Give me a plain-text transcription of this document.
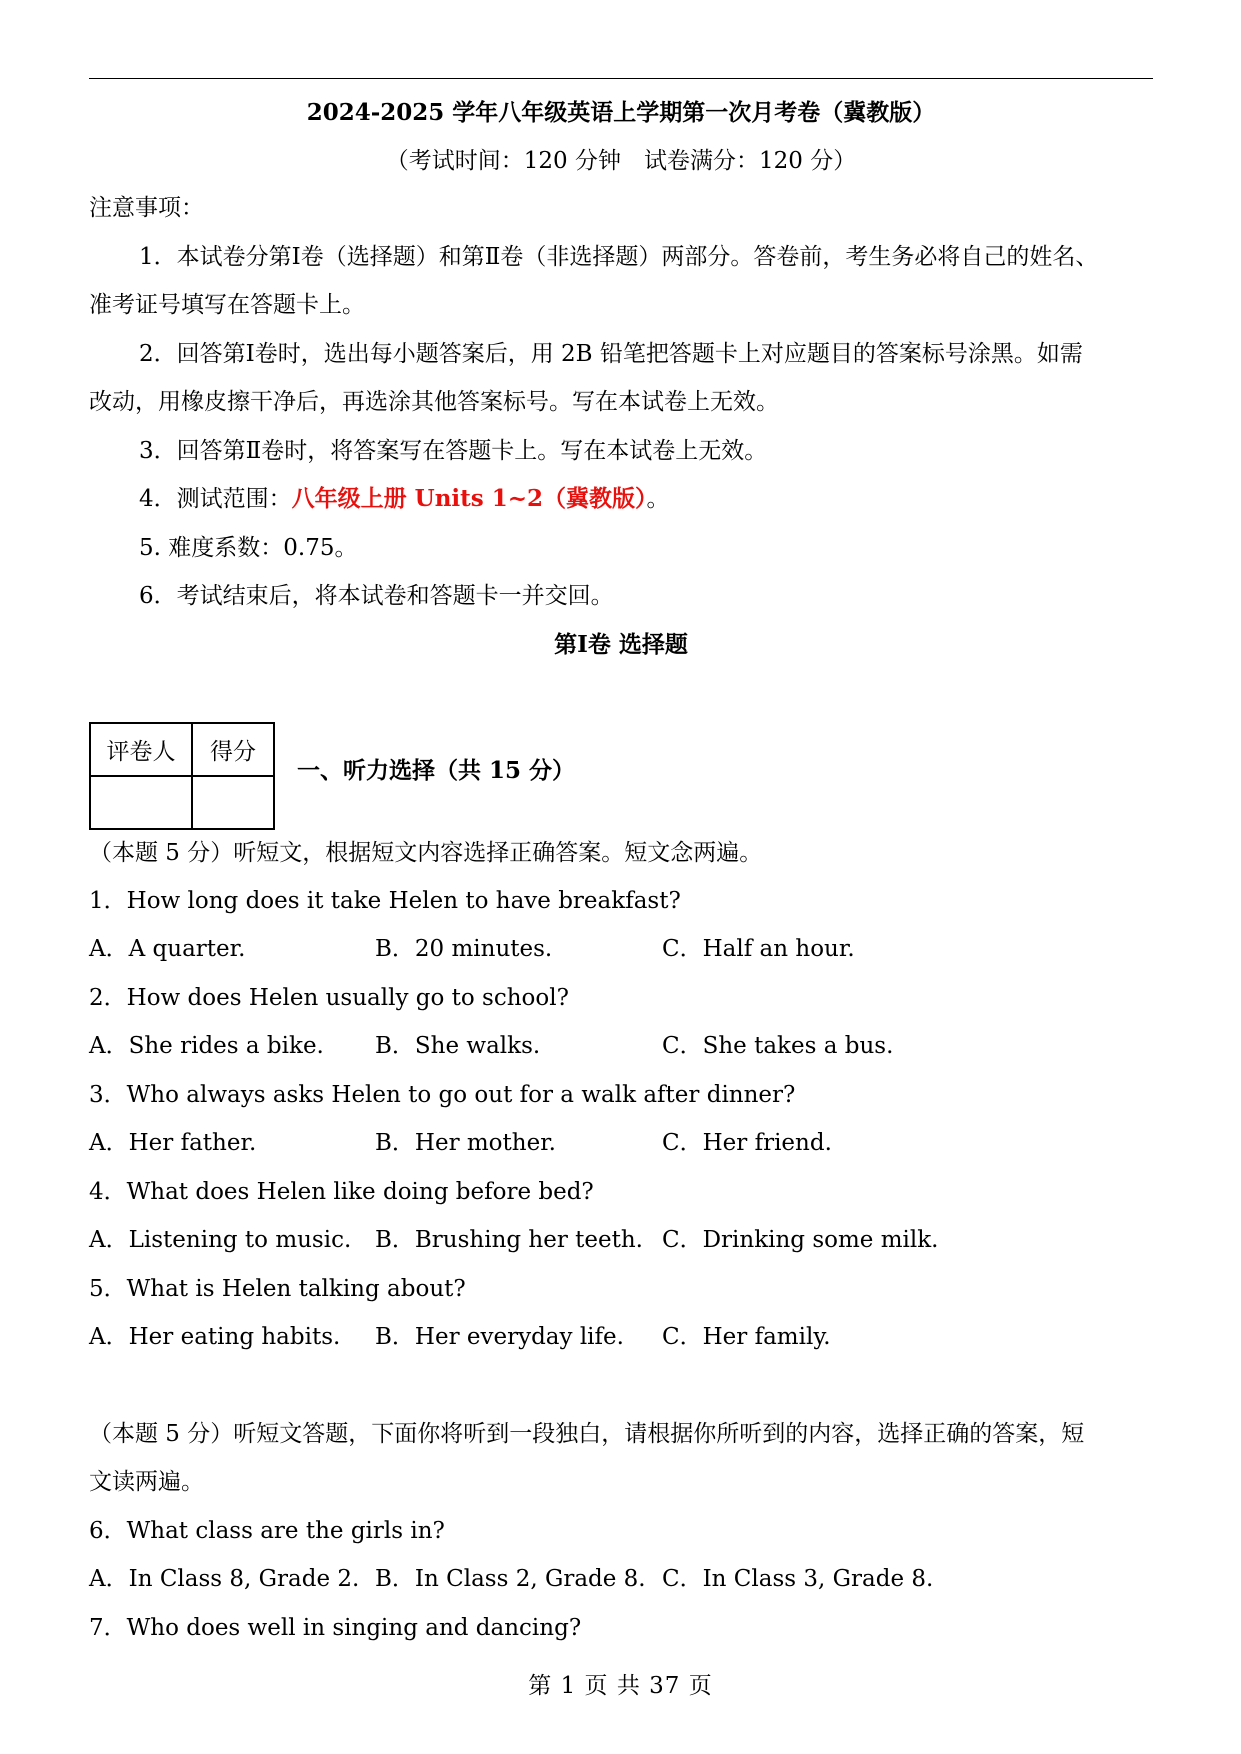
2024-2025 学年八年级英语上学期第一次月考卷（冀教版）
（考试时间：120 分钟　试卷满分：120 分）
注意事项：
1．本试卷分第Ⅰ卷（选择题）和第Ⅱ卷（非选择题）两部分。答卷前，考生务必将自己的姓名、
准考证号填写在答题卡上。
2．回答第Ⅰ卷时，选出每小题答案后，用 2B 铅笔把答题卡上对应题目的答案标号涂黑。如需
改动，用橡皮擦干净后，再选涂其他答案标号。写在本试卷上无效。
3．回答第Ⅱ卷时，将答案写在答题卡上。写在本试卷上无效。
4．测试范围：八年级上册 Units 1~2（冀教版）。
5. 难度系数：0.75。
6．考试结束后，将本试卷和答题卡一并交回。
第Ⅰ卷 选择题
评卷人	得分

一、听力选择（共 15 分）
（本题 5 分）听短文，根据短文内容选择正确答案。短文念两遍。
1．How long does it take Helen to have breakfast?
A．A quarter.	B．20 minutes.	C．Half an hour.
2．How does Helen usually go to school?
A．She rides a bike. B．She walks.	C．She takes a bus.
3．Who always asks Helen to go out for a walk after dinner?
A．Her father.	B．Her mother.	C．Her friend.
4．What does Helen like doing before bed?
A．Listening to music. B．Brushing her teeth. C．Drinking some milk.
5．What is Helen talking about?
A．Her eating habits. B．Her everyday life. C．Her family.
（本题 5 分）听短文答题，下面你将听到一段独白，请根据你所听到的内容，选择正确的答案，短
文读两遍。
6．What class are the girls in?
A．In Class 8, Grade 2. B．In Class 2, Grade 8. C．In Class 3, Grade 8.
7．Who does well in singing and dancing?
第 1 页 共 37 页
